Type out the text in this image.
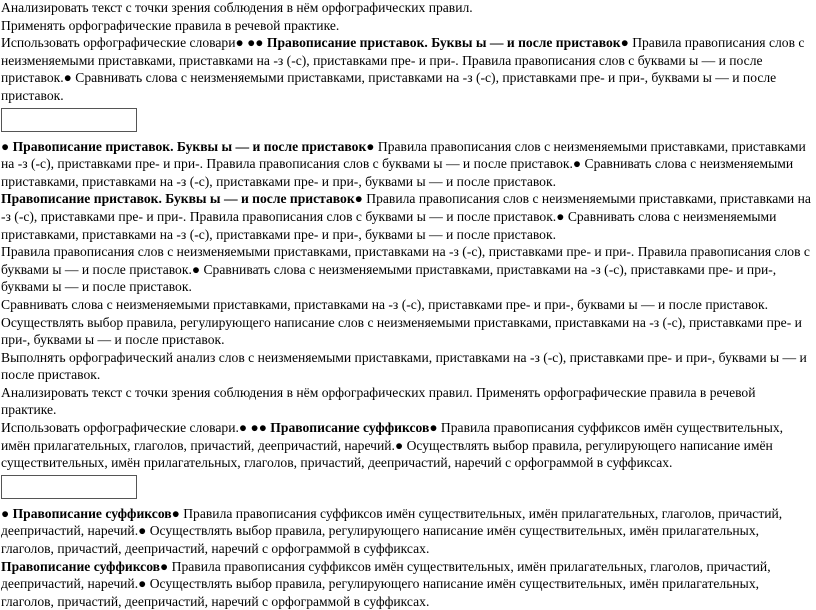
Анализировать текст с точки зрения соблюдения в нём орфографических правил.

Применять орфографические правила в речевой практике.

Использовать орфографические словари● ●● Правописание приставок. Буквы ы — и после приставок● Правила правописания слов с неизменяемыми приставками, приставками на -з (-с), приставками пре- и при-. Правила правописания слов с буквами ы — и после приставок.● Сравнивать слова с неизменяемыми приставками, приставками на -з (-с), приставками пре- и при-, буквами ы — и после приставок.

● Правописание приставок. Буквы ы — и после приставок● Правила правописания слов с неизменяемыми приставками, приставками на -з (-с), приставками пре- и при-. Правила правописания слов с буквами ы — и после приставок.● Сравнивать слова с неизменяемыми приставками, приставками на -з (-с), приставками пре- и при-, буквами ы — и после приставок.

Правописание приставок. Буквы ы — и после приставок● Правила правописания слов с неизменяемыми приставками, приставками на -з (-с), приставками пре- и при-. Правила правописания слов с буквами ы — и после приставок.● Сравнивать слова с неизменяемыми приставками, приставками на -з (-с), приставками пре- и при-, буквами ы — и после приставок.

Правила правописания слов с неизменяемыми приставками, приставками на -з (-с), приставками пре- и при-. Правила правописания слов с буквами ы — и после приставок.● Сравнивать слова с неизменяемыми приставками, приставками на -з (-с), приставками пре- и при-, буквами ы — и после приставок.

Сравнивать слова с неизменяемыми приставками, приставками на -з (-с), приставками пре- и при-, буквами ы — и после приставок.

Осуществлять выбор правила, регулирующего написание слов с неизменяемыми приставками, приставками на -з (-с), приставками пре- и при-, буквами ы — и после приставок.

Выполнять орфографический анализ слов с неизменяемыми приставками, приставками на -з (-с), приставками пре- и при-, буквами ы — и после приставок.

Анализировать текст с точки зрения соблюдения в нём орфографических правил. Применять орфографические правила в речевой практике.

Использовать орфографические словари.● ●● Правописание суффиксов● Правила правописания суффиксов имён существительных, имён прилагательных, глаголов, причастий, деепричастий, наречий.● Осуществлять выбор правила, регулирующего написание имён существительных, имён прилагательных, глаголов, причастий, деепричастий, наречий с орфограммой в суффиксах.

● Правописание суффиксов● Правила правописания суффиксов имён существительных, имён прилагательных, глаголов, причастий, деепричастий, наречий.● Осуществлять выбор правила, регулирующего написание имён существительных, имён прилагательных, глаголов, причастий, деепричастий, наречий с орфограммой в суффиксах.

Правописание суффиксов● Правила правописания суффиксов имён существительных, имён прилагательных, глаголов, причастий, деепричастий, наречий.● Осуществлять выбор правила, регулирующего написание имён существительных, имён прилагательных, глаголов, причастий, деепричастий, наречий с орфограммой в суффиксах.
